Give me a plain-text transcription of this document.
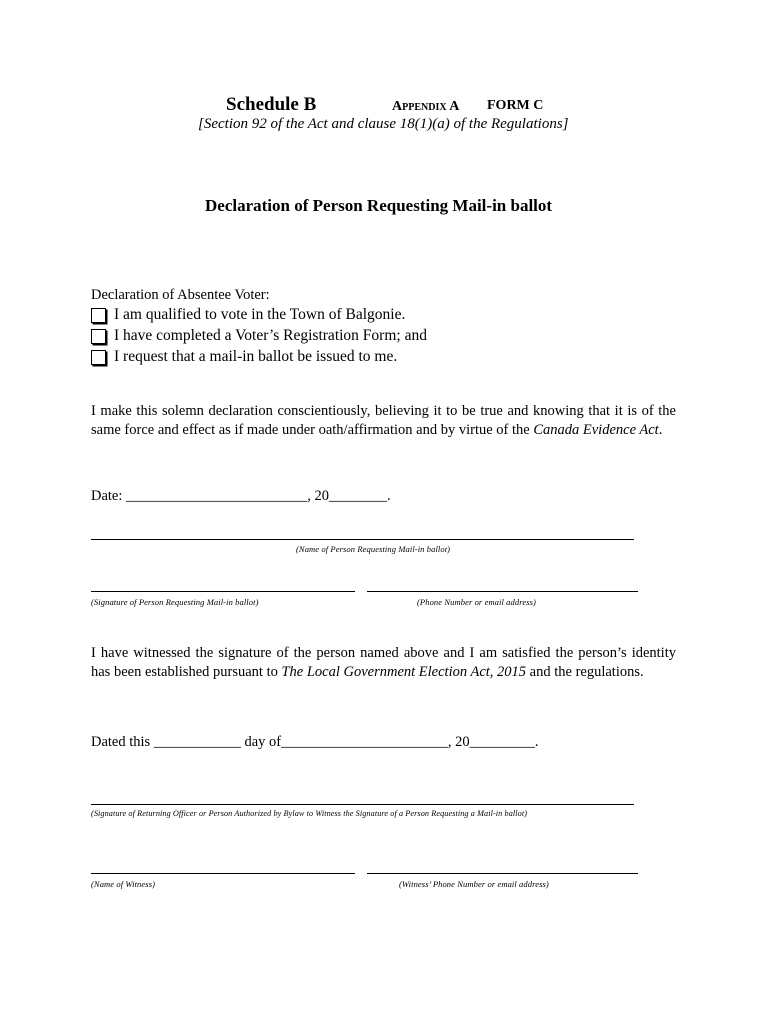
Schedule B	Appendix A FORM C
[Section 92 of the Act and clause 18(1)(a) of the Regulations]
Declaration of Person Requesting Mail-in ballot
Declaration of Absentee Voter:
I am qualified to vote in the Town of Balgonie.
I have completed a Voter’s Registration Form; and
I request that a mail-in ballot be issued to me.
I make this solemn declaration conscientiously, believing it to be true and knowing that it is of the same force and effect as if made under oath/affirmation and by virtue of the Canada Evidence Act.
Date: _________________________, 20________.
(Name of Person Requesting Mail-in ballot)
(Signature of Person Requesting Mail-in ballot)	(Phone Number or email address)
I have witnessed the signature of the person named above and I am satisfied the person’s identity has been established pursuant to The Local Government Election Act, 2015 and the regulations.
Dated this ____________ day of_______________________, 20_________.
(Signature of Returning Officer or Person Authorized by Bylaw to Witness the Signature of a Person Requesting a Mail-in ballot)
(Name of Witness)	(Witness’ Phone Number or email address)
